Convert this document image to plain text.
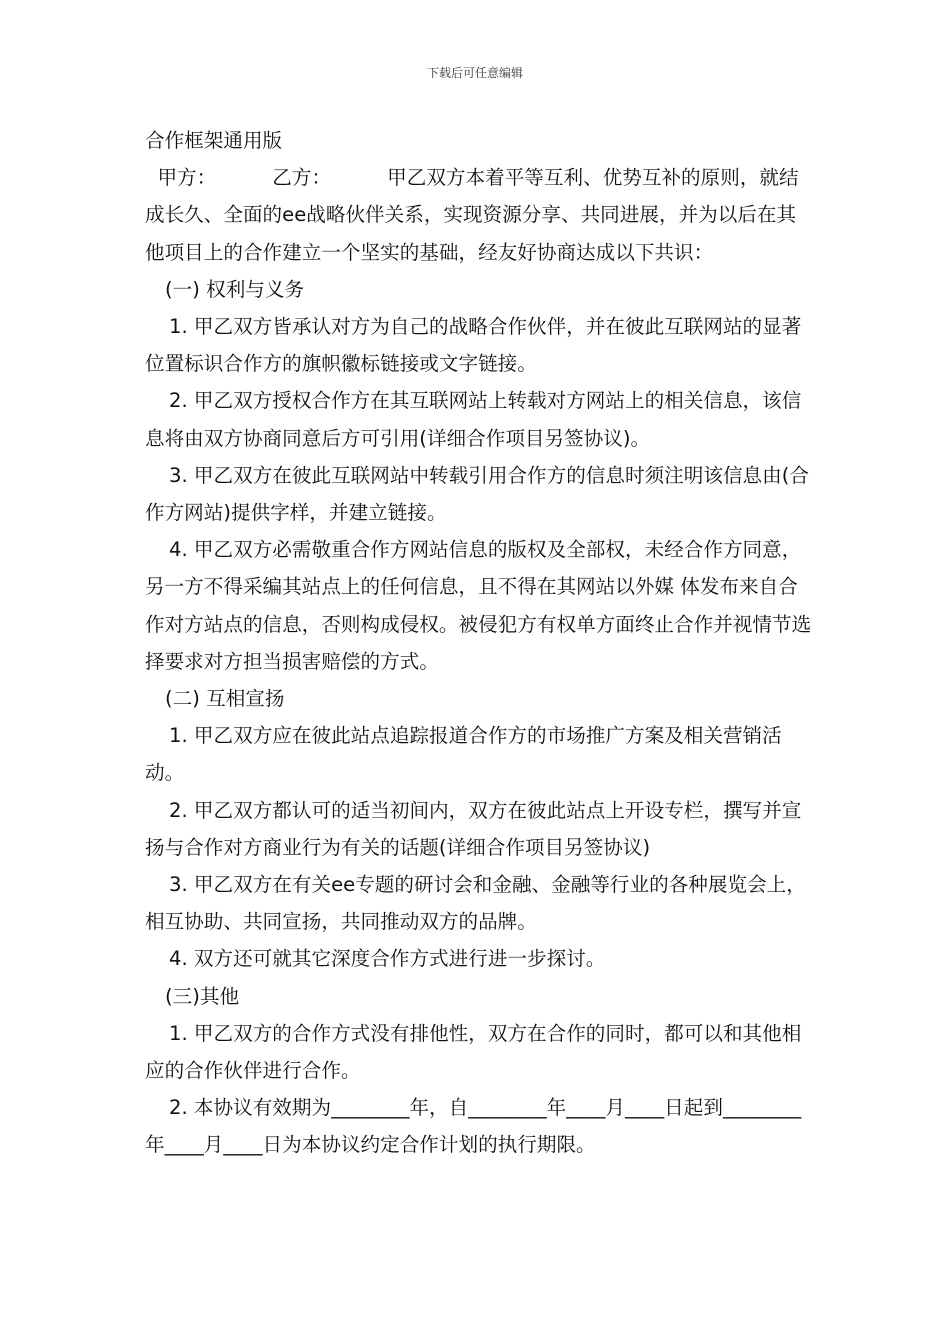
下载后可任意编辑

合作框架通用版

甲方：         乙方：         甲乙双方本着平等互利、优势互补的原则，就结成长久、全面的ee战略伙伴关系，实现资源分享、共同进展，并为以后在其他项目上的合作建立一个坚实的基础，经友好协商达成以下共识：

(一) 权利与义务

1. 甲乙双方皆承认对方为自己的战略合作伙伴，并在彼此互联网站的显著位置标识合作方的旗帜徽标链接或文字链接。

2. 甲乙双方授权合作方在其互联网站上转载对方网站上的相关信息，该信息将由双方协商同意后方可引用(详细合作项目另签协议)。

3. 甲乙双方在彼此互联网站中转载引用合作方的信息时须注明该信息由(合作方网站)提供字样，并建立链接。

4. 甲乙双方必需敬重合作方网站信息的版权及全部权，未经合作方同意，另一方不得采编其站点上的任何信息，且不得在其网站以外媒 体发布来自合作对方站点的信息，否则构成侵权。被侵犯方有权单方面终止合作并视情节选择要求对方担当损害赔偿的方式。

(二) 互相宣扬

1. 甲乙双方应在彼此站点追踪报道合作方的市场推广方案及相关营销活动。

2. 甲乙双方都认可的适当初间内，双方在彼此站点上开设专栏，撰写并宣扬与合作对方商业行为有关的话题(详细合作项目另签协议)

3. 甲乙双方在有关ee专题的研讨会和金融、金融等行业的各种展览会上，相互协助、共同宣扬，共同推动双方的品牌。

4. 双方还可就其它深度合作方式进行进一步探讨。

(三)其他

1. 甲乙双方的合作方式没有排他性，双方在合作的同时，都可以和其他相应的合作伙伴进行合作。

2. 本协议有效期为________年，自________年____月____日起到________年____月____日为本协议约定合作计划的执行期限。
